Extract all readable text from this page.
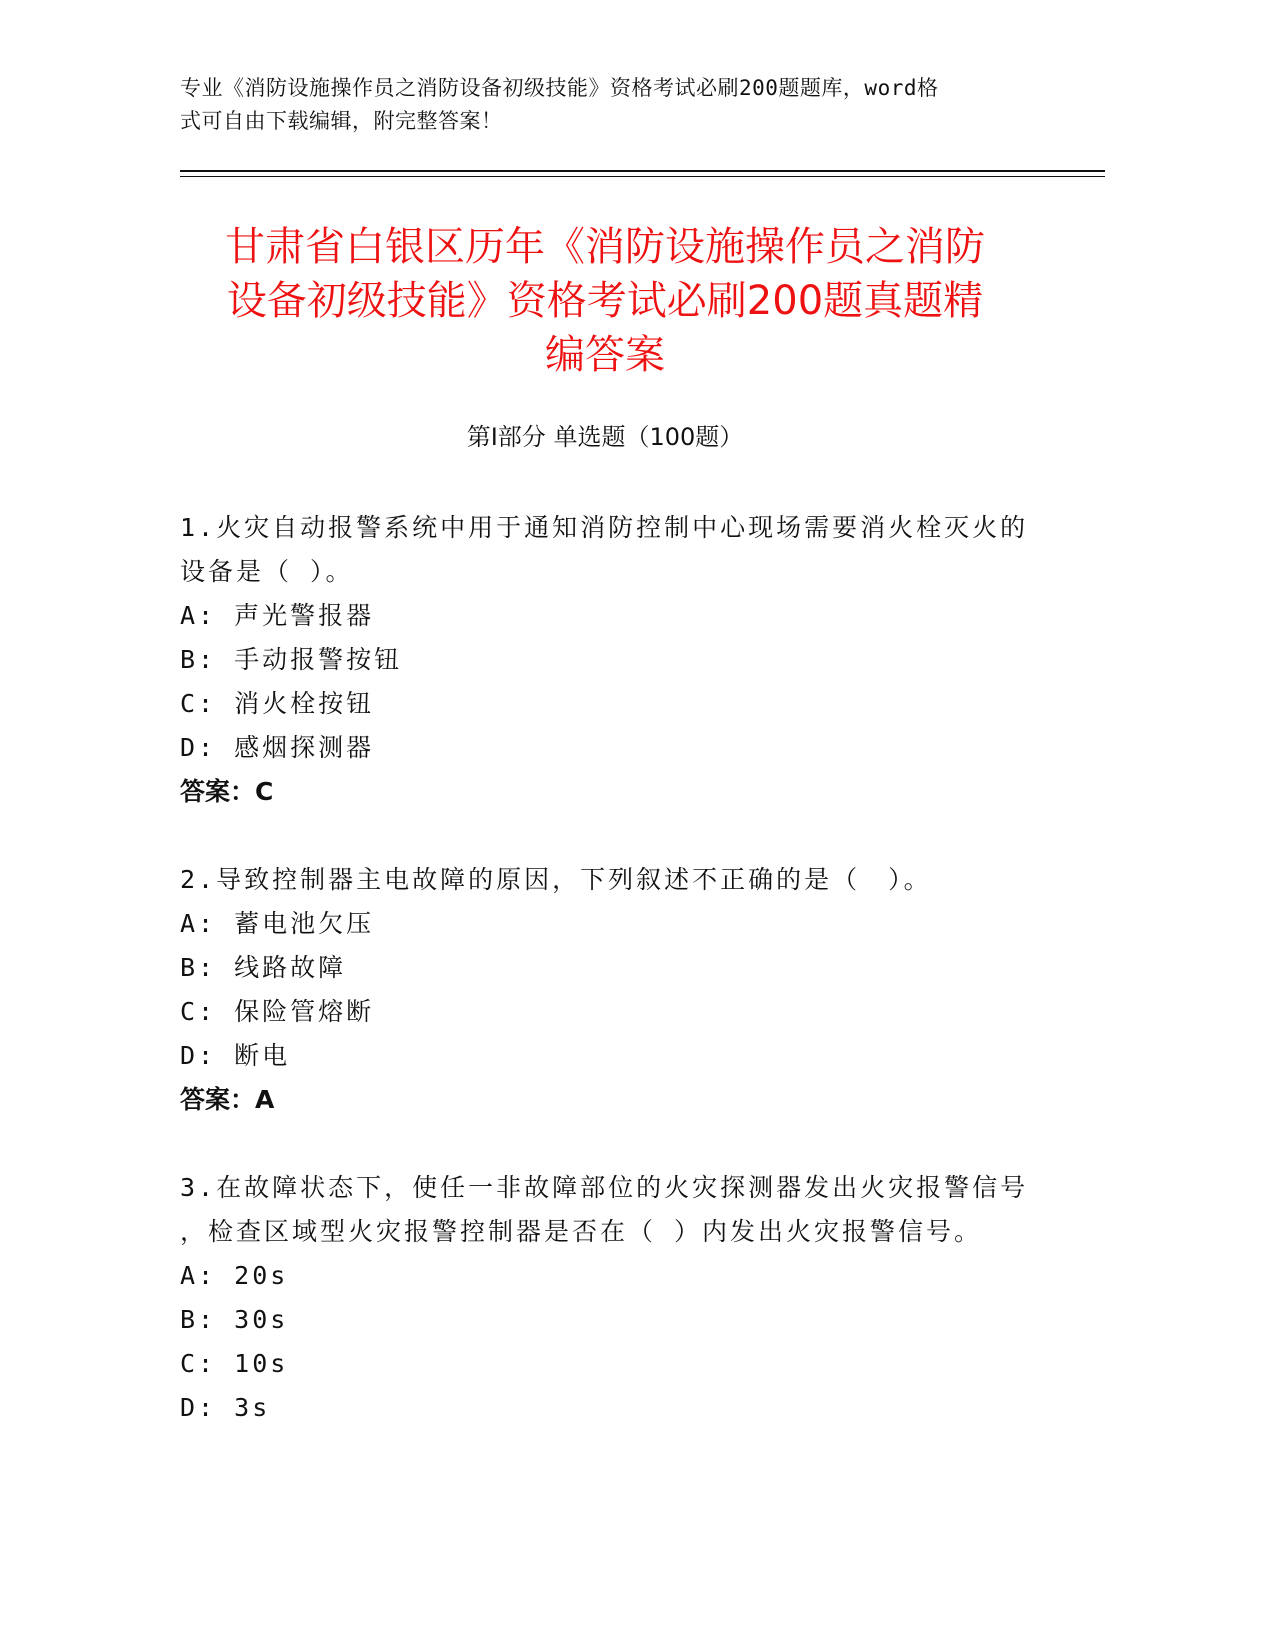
专业《消防设施操作员之消防设备初级技能》资格考试必刷200题题库，word格
式可自由下载编辑，附完整答案！
甘肃省白银区历年《消防设施操作员之消防
设备初级技能》资格考试必刷200题真题精
编答案
第Ⅰ部分 单选题（100题）
1.火灾自动报警系统中用于通知消防控制中心现场需要消火栓灭火的
设备是（ ）。
A: 声光警报器
B: 手动报警按钮
C: 消火栓按钮
D: 感烟探测器
答案：C
2.导致控制器主电故障的原因，下列叙述不正确的是（　）。
A: 蓄电池欠压
B: 线路故障
C: 保险管熔断
D: 断电
答案：A
3.在故障状态下，使任一非故障部位的火灾探测器发出火灾报警信号
，检查区域型火灾报警控制器是否在（ ）内发出火灾报警信号。
A: 20s
B: 30s
C: 10s
D: 3s
